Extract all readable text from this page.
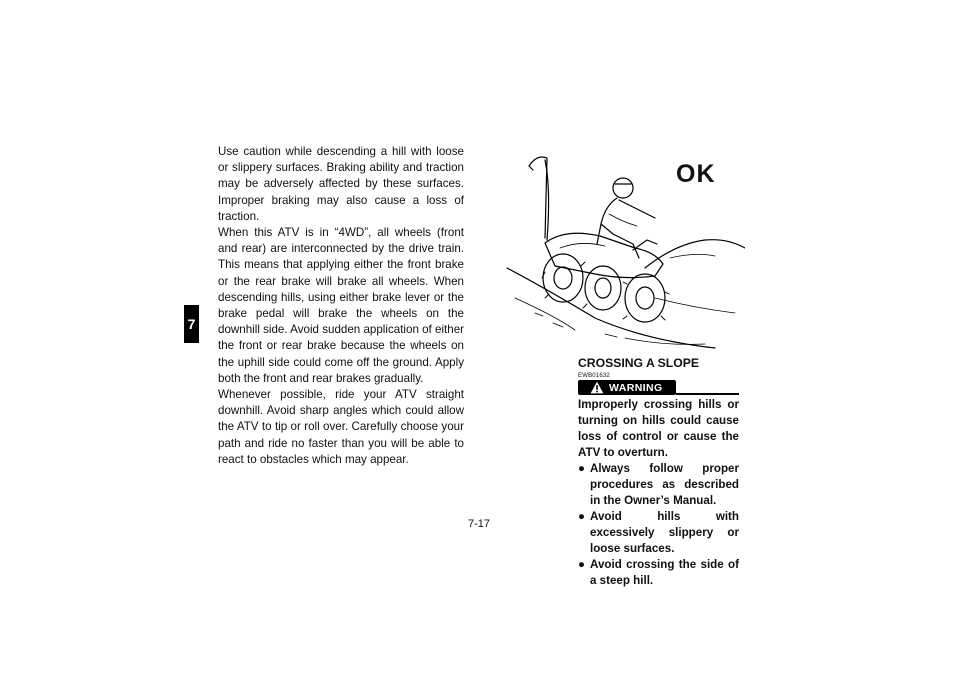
7

Use caution while descending a hill with loose or slippery surfaces. Braking ability and traction may be adversely affected by these surfaces. Improper braking may also cause a loss of traction.

When this ATV is in “4WD”, all wheels (front and rear) are interconnected by the drive train. This means that applying either the front brake or the rear brake will brake all wheels. When descending hills, using either brake lever or the brake pedal will brake the wheels on the downhill side. Avoid sudden application of either the front or rear brake because the wheels on the uphill side could come off the ground. Apply both the front and rear brakes gradually.

Whenever possible, ride your ATV straight downhill. Avoid sharp angles which could allow the ATV to tip or roll over. Carefully choose your path and ride no faster than you will be able to react to obstacles which may appear.

OK
CROSSING A SLOPE
EWB01632
WARNING

Improperly crossing hills or turning on hills could cause loss of control or cause the ATV to overturn.

● Always follow proper procedures as described in the Owner’s Manual.
● Avoid hills with excessively slippery or loose surfaces.
● Avoid crossing the side of a steep hill.
7-17
